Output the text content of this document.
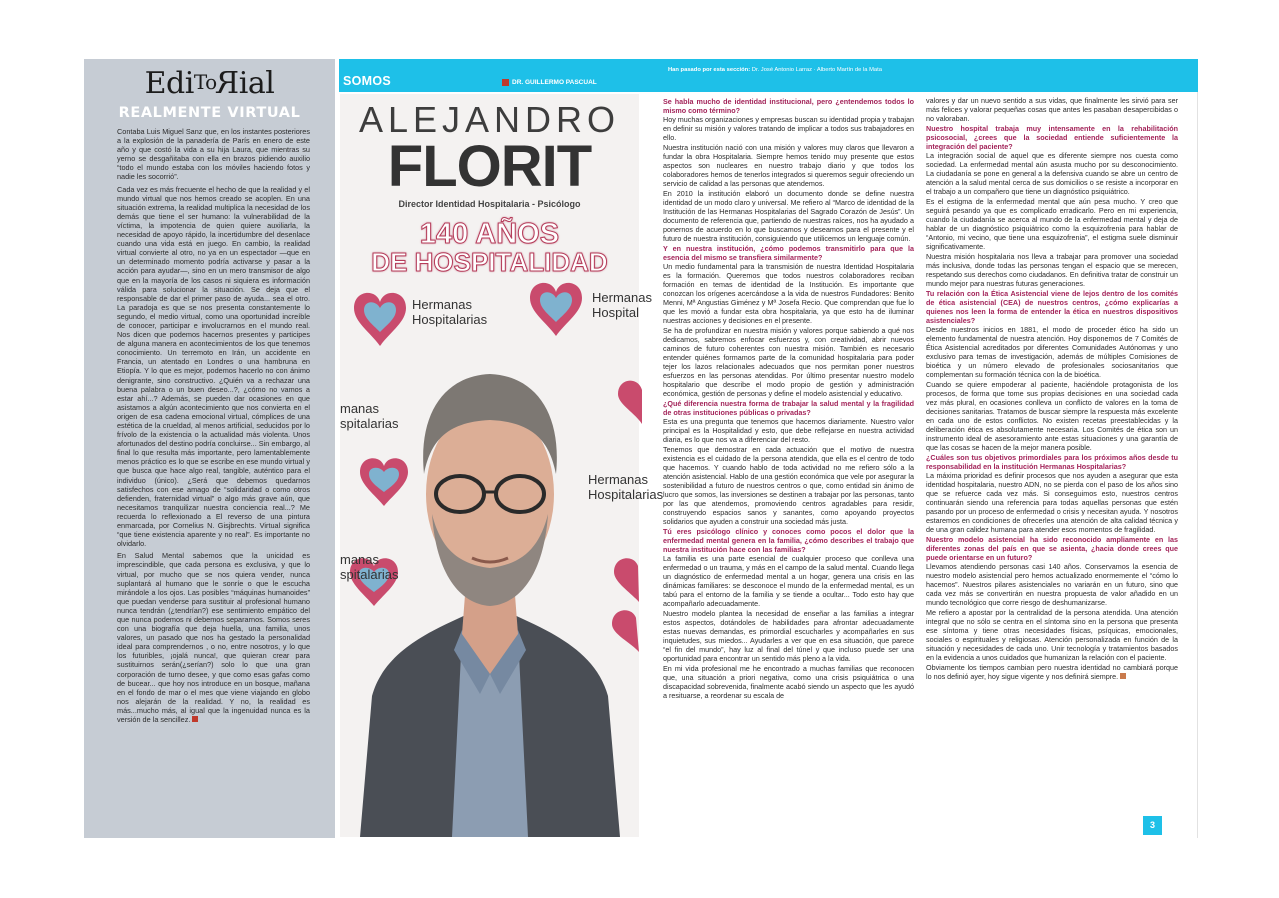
EdiToRial
REALMENTE VIRTUAL

Contaba Luis Miguel Sanz que, en los instantes posteriores a la explosión de la panadería de París en enero de este año y que costó la vida a su hija Laura, que mientras su yerno se desgañitaba con ella en brazos pidiendo auxilio “todo el mundo estaba con los móviles haciendo fotos y nadie les socorrió”.

Cada vez es más frecuente el hecho de que la realidad y el mundo virtual que nos hemos creado se acoplen. En una situación extrema, la realidad multiplica la necesidad de los demás que tiene el ser humano: la vulnerabilidad de la víctima, la impotencia de quien quiere auxiliarla, la necesidad de apoyo rápido, la incertidumbre del desenlace cuando una vida está en juego. En cambio, la realidad virtual convierte al otro, no ya en un espectador —que en un determinado momento podría activarse y pasar a la acción para ayudar—, sino en un mero transmisor de algo que en la mayoría de los casos ni siquiera es información válida para solucionar la situación. Se deja que el responsable de dar el primer paso de ayuda... sea el otro. La paradoja es que se nos presenta constantemente lo segundo, el medio virtual, como una oportunidad increíble de conocer, participar e involucrarnos en el mundo real. Nos dicen que podemos hacernos presentes y participes de alguna manera en acontecimientos de los que tenemos conocimiento. Un terremoto en Irán, un accidente en Francia, un atentado en Londres o una hambruna en Etiopía. Y lo que es mejor, podemos hacerlo no con ánimo denigrante, sino constructivo. ¿Quién va a rechazar una buena palabra o un buen deseo...?, ¿cómo no vamos a estar ahí...? Además, se pueden dar ocasiones en que asistamos a algún acontecimiento que nos convierta en el origen de esa cadena emocional virtual, cómplices de una estética de la crueldad, al menos artificial, seducidos por lo frívolo de la existencia o la actualidad más violenta. Unos afortunados del destino podría concluirse... Sin embargo, al final lo que resulta más importante, pero lamentablemente menos práctico es lo que se escribe en ese mundo virtual y que busca que hace algo real, tangible, auténtico para el individuo (único). ¿Será que debemos quedarnos satisfechos con ese amago de “solidaridad o como otros defienden, fraternidad virtual” o algo más grave aún, que necesitamos tranquilizar nuestra conciencia real...? Me recuerda lo reflexionado a El reverso de una pintura enmarcada, por Cornelius N. Gisjbrechts. Virtual significa “que tiene existencia aparente y no real”. Es importante no olvidarlo.

En Salud Mental sabemos que la unicidad es imprescindible, que cada persona es exclusiva, y que lo virtual, por mucho que se nos quiera vender, nunca suplantará al humano que le sonríe o que le escucha mirándole a los ojos. Las posibles “máquinas humanoides” que puedan venderse para sustituir al profesional humano nunca tendrán (¿tendrían?) ese sentimiento empático del que nunca podemos ni debemos separarnos. Somos seres con una biografía que deja huella, una familia, unos valores, un pasado que nos ha gestado la personalidad ideal para comprendernos , o no, entre nosotros, y lo que los futuribles, ¡ojalá nunca!, que quieran crear para sustituirnos serán(¿serían?) solo lo que una gran corporación de turno desee, y que como esas gafas como de bucear... que hoy nos introduce en un bosque, mañana en el fondo de mar o el mes que viene viajando en globo nos alejarán de la realidad. Y no, la realidad es más...mucho más, al igual que la ingenuidad nunca es la versión de la sencillez.

SOMOS	DR. GUILLERMO PASCUAL
Han pasado por esta sección: Dr. José Antonio Larraz · Alberto Martín de la Mata
ALEJANDRO
FLORIT
Director Identidad Hospitalaria - Psicólogo
140 AÑOS
DE HOSPITALIDAD
Hermanas
Hospitalarias
Hermanas
Hospital
manas
spitalarias
Hermanas
Hospitalarias
manas
spitalarias
Se habla mucho de identidad institucional, pero ¿entendemos todos lo mismo como término?

Hoy muchas organizaciones y empresas buscan su identidad propia y trabajan en definir su misión y valores tratando de implicar a todos sus trabajadores en ello.

Nuestra institución nació con una misión y valores muy claros que llevaron a fundar la obra Hospitalaria. Siempre hemos tenido muy presente que estos aspectos son nucleares en nuestro trabajo diario y que todos los colaboradores hemos de tenerlos integrados si queremos seguir ofreciendo un servicio de calidad a las personas que atendemos.

En 2010 la institución elaboró un documento donde se define nuestra identidad de un modo claro y universal. Me refiero al “Marco de identidad de la Institución de las Hermanas Hospitalarias del Sagrado Corazón de Jesús”. Un documento de referencia que, partiendo de nuestras raíces, nos ha ayudado a ponernos de acuerdo en lo que buscamos y deseamos para el presente y el futuro de nuestra institución, consiguiendo que utilicemos un lenguaje común.

Y en nuestra institución, ¿cómo podemos transmitirlo para que la esencia del mismo se transfiera similarmente?

Un medio fundamental para la transmisión de nuestra Identidad Hospitalaria es la formación. Queremos que todos nuestros colaboradores reciban formación en temas de identidad de la Institución. Es importante que conozcan los orígenes acercándose a la vida de nuestros Fundadores: Benito Menni, Mª Angustias Giménez y Mª Josefa Recio. Que comprendan que fue lo que les movió a fundar esta obra hospitalaria, ya que esto ha de iluminar nuestras acciones y decisiones en el presente.

Se ha de profundizar en nuestra misión y valores porque sabiendo a qué nos dedicamos, sabremos enfocar esfuerzos y, con creatividad, abrir nuevos caminos de futuro coherentes con nuestra misión. También es necesario entender quiénes formamos parte de la comunidad hospitalaria para poder tejer los lazos relacionales adecuados que nos permitan poner nuestros esfuerzos en las personas atendidas. Por último presentar nuestro modelo hospitalario que describe el modo propio de gestión y administración económica, gestión de personas y define el modelo asistencial y educativo.

¿Qué diferencia nuestra forma de trabajar la salud mental y la fragilidad de otras instituciones públicas o privadas?

Esta es una pregunta que tenemos que hacernos diariamente. Nuestro valor principal es la Hospitalidad y esto, que debe reflejarse en nuestra actividad diaria, es lo que nos va a diferenciar del resto.

Tenemos que demostrar en cada actuación que el motivo de nuestra existencia es el cuidado de la persona atendida, que ella es el centro de todo que hacemos. Y cuando hablo de toda actividad no me refiero sólo a la atención asistencial. Hablo de una gestión económica que vele por asegurar la sostenibilidad a futuro de nuestros centros o que, como entidad sin ánimo de lucro que somos, las inversiones se destinen a trabajar por las personas, tanto por las que atendemos, promoviendo centros agradables para residir, construyendo espacios sanos y sanantes, como apoyando proyectos solidarios que ayuden a construir una sociedad más justa.

Tú eres psicólogo clínico y conoces como pocos el dolor que la enfermedad mental genera en la familia, ¿cómo describes el trabajo que nuestra institución hace con las familias?

La familia es una parte esencial de cualquier proceso que conlleva una enfermedad o un trauma, y más en el campo de la salud mental. Cuando llega un diagnóstico de enfermedad mental a un hogar, genera una crisis en las dinámicas familiares: se desconoce el mundo de la enfermedad mental, es un tabú para el entorno de la familia y se tiende a ocultar... Todo esto hay que acompañarlo adecuadamente.

Nuestro modelo plantea la necesidad de enseñar a las familias a integrar estos aspectos, dotándoles de habilidades para afrontar adecuadamente estas nuevas demandas, es primordial escucharles y acompañarles en sus inquietudes, sus miedos... Ayudarles a ver que en esa situación, que parece “el fin del mundo”, hay luz al final del túnel y que incluso puede ser una oportunidad para encontrar un sentido más pleno a la vida.

En mi vida profesional me he encontrado a muchas familias que reconocen que, una situación a priori negativa, como una crisis psiquiátrica o una discapacidad sobrevenida, finalmente acabó siendo un aspecto que les ayudó a resituarse, a reordenar su escala de

valores y dar un nuevo sentido a sus vidas, que finalmente les sirvió para ser más felices y valorar pequeñas cosas que antes les pasaban desapercibidas o no valoraban.

Nuestro hospital trabaja muy intensamente en la rehabilitación psicosocial, ¿crees que la sociedad entiende suficientemente la integración del paciente?

La integración social de aquel que es diferente siempre nos cuesta como sociedad. La enfermedad mental aún asusta mucho por su desconocimiento. La ciudadanía se pone en general a la defensiva cuando se abre un centro de atención a la salud mental cerca de sus domicilios o se resiste a incorporar en el trabajo a un compañero que tiene un diagnóstico psiquiátrico.

Es el estigma de la enfermedad mental que aún pesa mucho. Y creo que seguirá pesando ya que es complicado erradicarlo. Pero en mi experiencia, cuando la ciudadanía se acerca al mundo de la enfermedad mental y deja de hablar de un diagnóstico psiquiátrico como la esquizofrenia para hablar de “Antonio, mi vecino, que tiene una esquizofrenia”, el estigma suele disminuir significativamente.

Nuestra misión hospitalaria nos lleva a trabajar para promover una sociedad más inclusiva, donde todas las personas tengan el espacio que se merecen, respetando sus derechos como ciudadanos. En definitiva tratar de construir un mundo mejor para nuestras futuras generaciones.

Tu relación con la Ética Asistencial viene de lejos dentro de los comités de ética asistencial (CEA) de nuestros centros, ¿cómo explicarías a quienes nos leen la forma de entender la ética en nuestros dispositivos asistenciales?

Desde nuestros inicios en 1881, el modo de proceder ético ha sido un elemento fundamental de nuestra atención. Hoy disponemos de 7 Comités de Ética Asistencial acreditados por diferentes Comunidades Autónomas y uno exclusivo para temas de investigación, además de múltiples Comisiones de bioética y un número elevado de profesionales sociosanitarios que complementan su formación técnica con la de bioética.

Cuando se quiere empoderar al paciente, haciéndole protagonista de los procesos, de forma que tome sus propias decisiones en una sociedad cada vez más plural, en ocasiones conlleva un conflicto de valores en la toma de decisiones sanitarias. Tratamos de buscar siempre la respuesta más excelente en cada uno de estos conflictos. No existen recetas preestablecidas y la deliberación ética es absolutamente necesaria. Los Comités de ética son un instrumento ideal de asesoramiento ante estas situaciones y una garantía de que las cosas se hacen de la mejor manera posible.

¿Cuáles son tus objetivos primordiales para los próximos años desde tu responsabilidad en la institución Hermanas Hospitalarias?

La máxima prioridad es definir procesos que nos ayuden a asegurar que esta identidad hospitalaria, nuestro ADN, no se pierda con el paso de los años sino que se refuerce cada vez más. Si conseguimos esto, nuestros centros continuarán siendo una referencia para todas aquellas personas que estén pasando por un proceso de enfermedad o crisis y necesitan ayuda. Y nosotros estaremos en condiciones de ofrecerles una atención de alta calidad técnica y de una gran calidez humana para atender esos momentos de fragilidad.

Nuestro modelo asistencial ha sido reconocido ampliamente en las diferentes zonas del país en que se asienta, ¿hacia donde crees que puede orientarse en un futuro?

Llevamos atendiendo personas casi 140 años. Conservamos la esencia de nuestro modelo asistencial pero hemos actualizado enormemente el “cómo lo hacemos”. Nuestros pilares asistenciales no variarán en un futuro, sino que cada vez más se convertirán en nuestra propuesta de valor añadido en un mundo tecnológico que corre riesgo de deshumanizarse.

Me refiero a apostar por la centralidad de la persona atendida. Una atención integral que no sólo se centra en el síntoma sino en la persona que presenta ese síntoma y tiene otras necesidades físicas, psíquicas, emocionales, sociales o espirituales y religiosas. Atención personalizada en función de la situación y necesidades de cada uno. Unir tecnología y tratamientos basados en la evidencia a unos cuidados que humanizan la relación con el paciente.

Obviamente los tiempos cambian pero nuestra identidad no cambiará porque lo nos definió ayer, hoy sigue vigente y nos definirá siempre.

3
